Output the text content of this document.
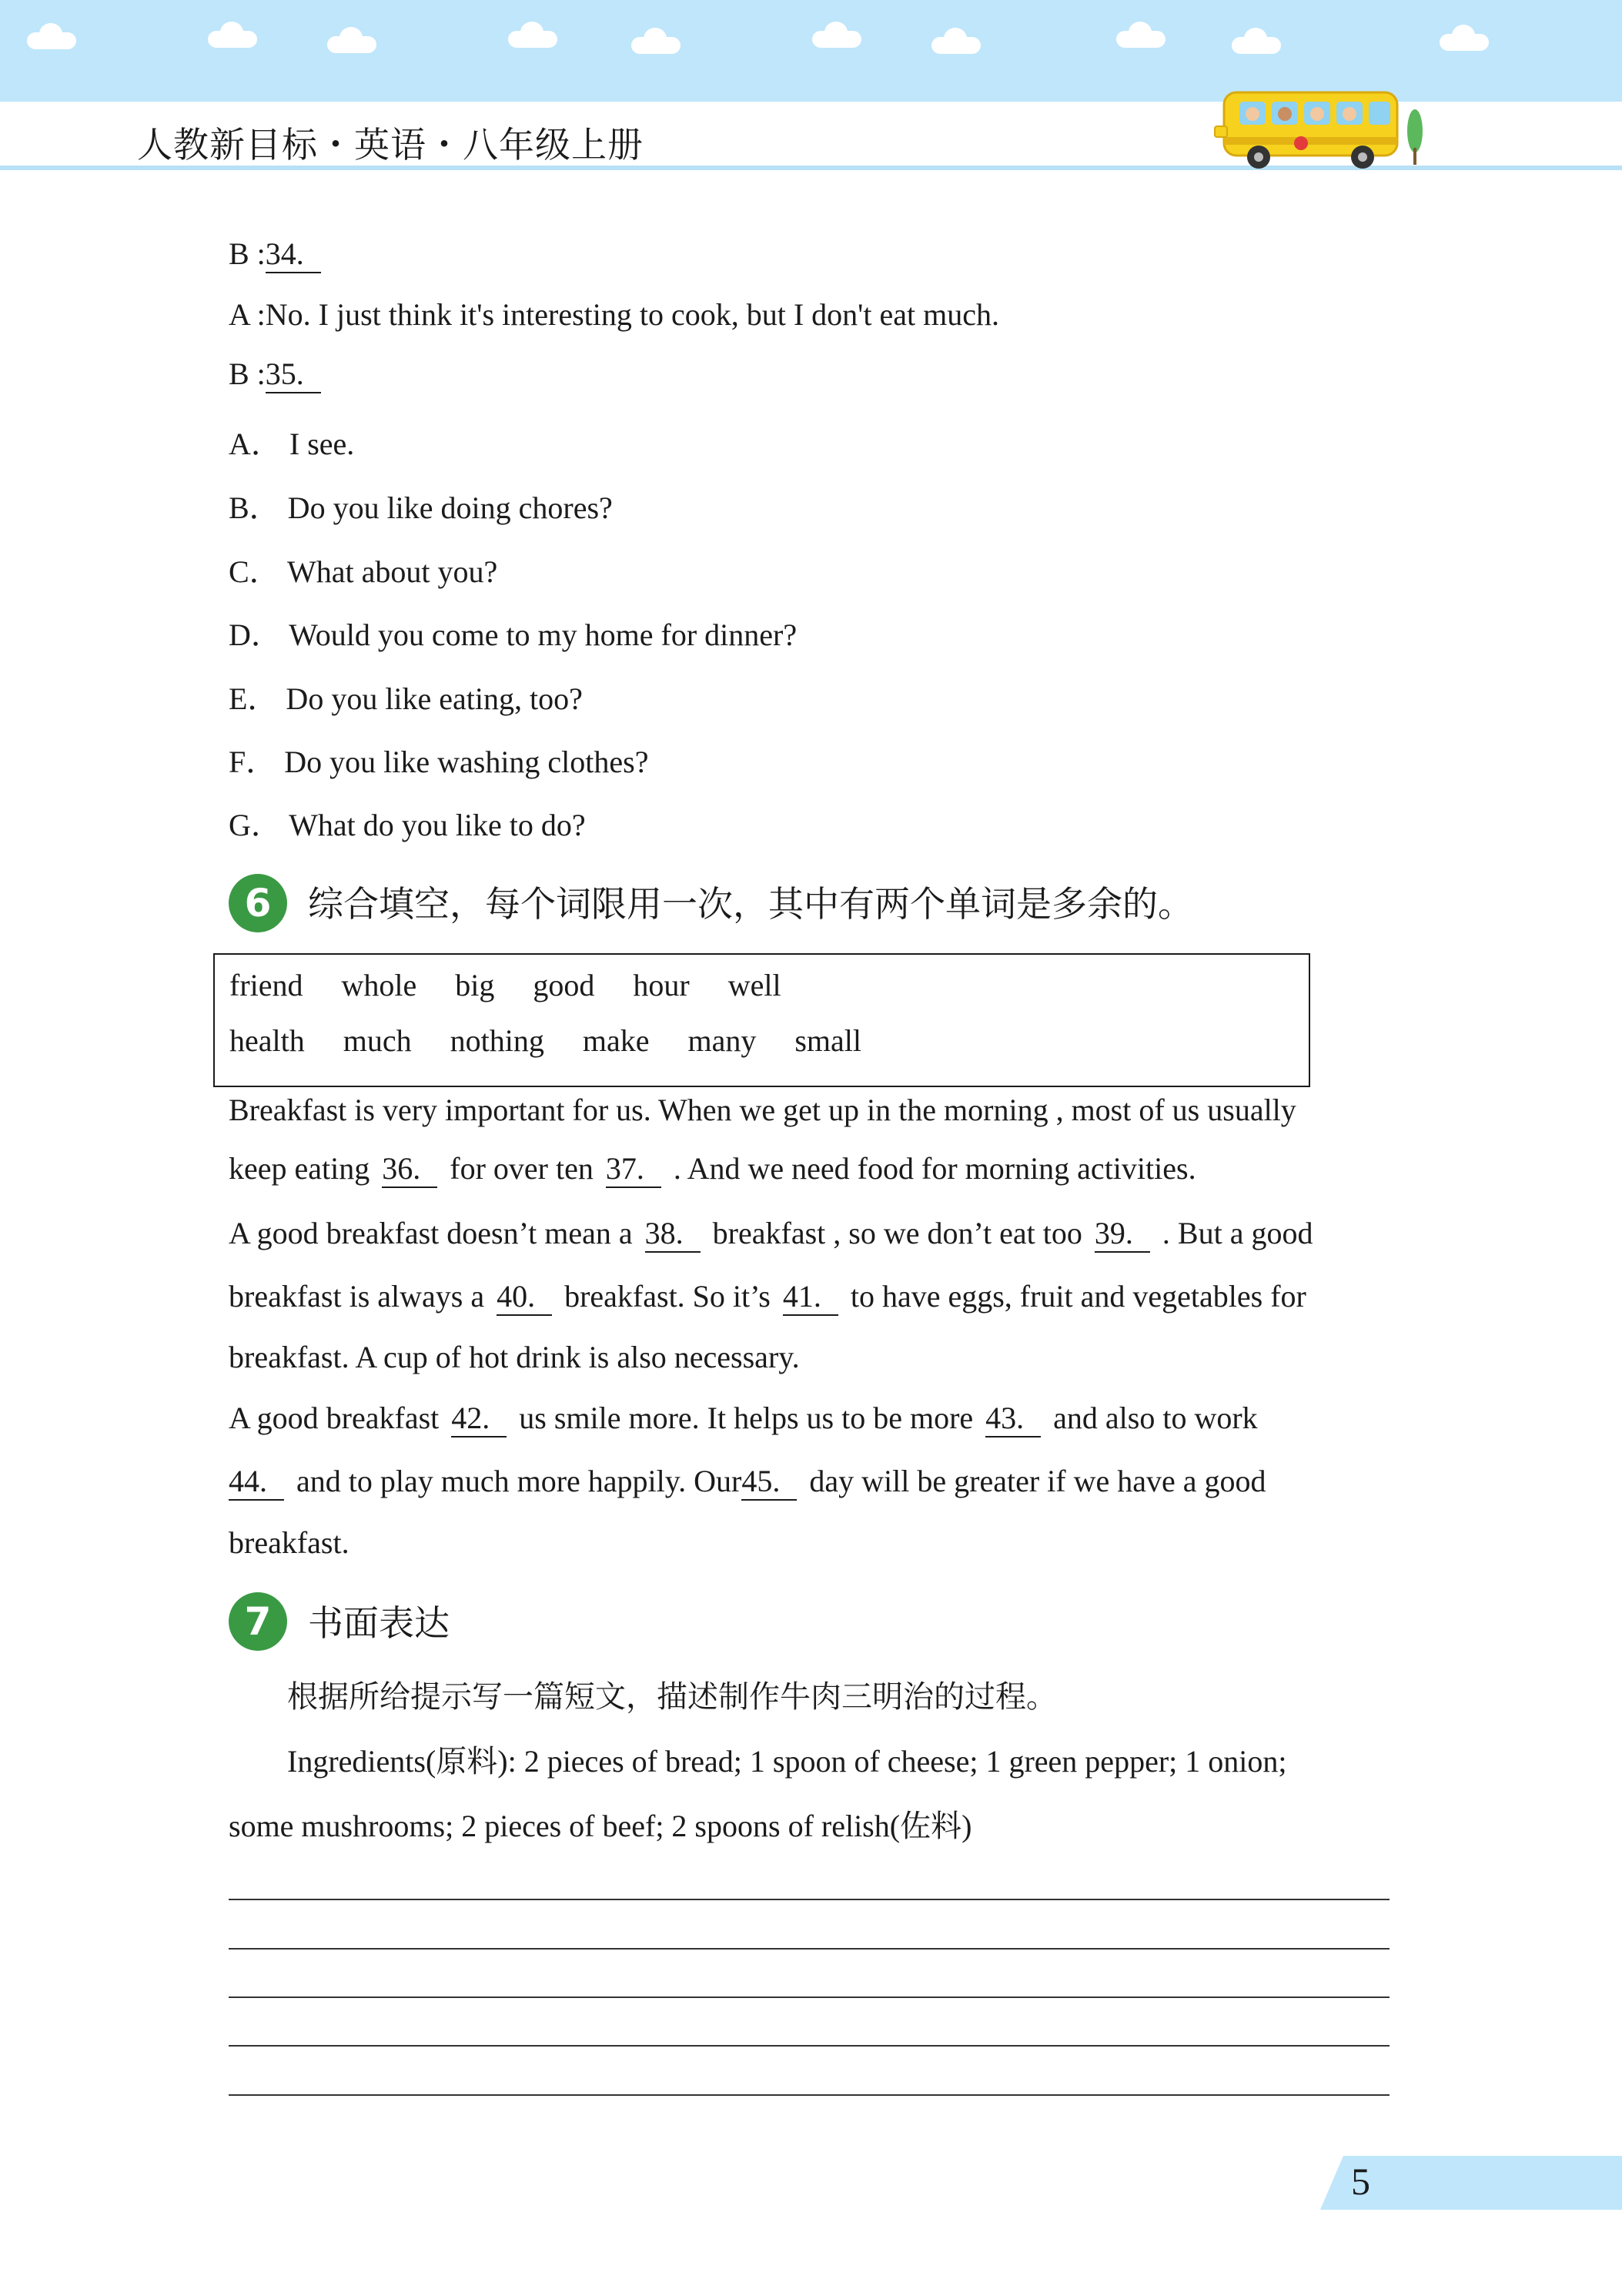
人教新目标・英语・八年级上册
B :34.
A :No. I just think it's interesting to cook, but I don't eat much.
B :35.
A． I see.
B． Do you like doing chores?
C． What about you?
D． Would you come to my home for dinner?
E． Do you like eating, too?
F． Do you like washing clothes?
G． What do you like to do?
6	综合填空，每个词限用一次，其中有两个单词是多余的。
friend whole big good hour well
health much nothing make many small
Breakfast is very important for us. When we get up in the morning , most of us usually
keep eating 36. for over ten 37. . And we need food for morning activities.
A good breakfast doesn’t mean a 38. breakfast , so we don’t eat too 39. . But a good
breakfast is always a 40. breakfast. So it’s 41. to have eggs, fruit and vegetables for
breakfast. A cup of hot drink is also necessary.
A good breakfast 42. us smile more. It helps us to be more 43. and also to work
44. and to play much more happily. Our45. day will be greater if we have a good
breakfast.
7	书面表达
根据所给提示写一篇短文，描述制作牛肉三明治的过程。
Ingredients(原料): 2 pieces of bread; 1 spoon of cheese; 1 green pepper; 1 onion;
some mushrooms; 2 pieces of beef; 2 spoons of relish(佐料)
5
